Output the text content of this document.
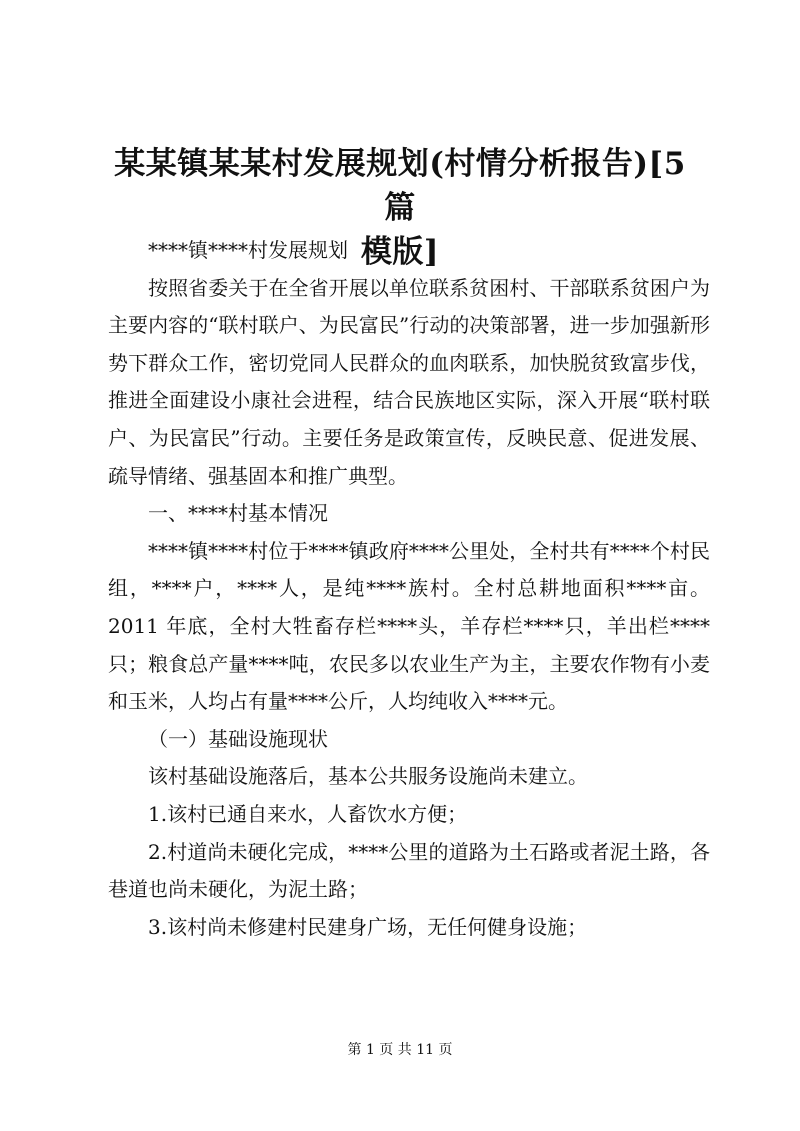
某某镇某某村发展规划(村情分析报告)[5篇
模版]

****镇****村发展规划

按照省委关于在全省开展以单位联系贫困村、干部联系贫困户为主要内容的“联村联户、为民富民”行动的决策部署，进一步加强新形势下群众工作，密切党同人民群众的血肉联系，加快脱贫致富步伐，推进全面建设小康社会进程，结合民族地区实际，深入开展“联村联户、为民富民”行动。主要任务是政策宣传，反映民意、促进发展、疏导情绪、强基固本和推广典型。

一、****村基本情况

****镇****村位于****镇政府****公里处，全村共有****个村民组，****户，****人，是纯****族村。全村总耕地面积****亩。2011 年底，全村大牲畜存栏****头，羊存栏****只，羊出栏****只；粮食总产量****吨，农民多以农业生产为主，主要农作物有小麦和玉米，人均占有量****公斤，人均纯收入****元。

（一）基础设施现状

该村基础设施落后，基本公共服务设施尚未建立。

1.该村已通自来水，人畜饮水方便；

2.村道尚未硬化完成，****公里的道路为土石路或者泥土路，各巷道也尚未硬化，为泥土路；

3.该村尚未修建村民建身广场，无任何健身设施；

第 1 页 共 11 页
